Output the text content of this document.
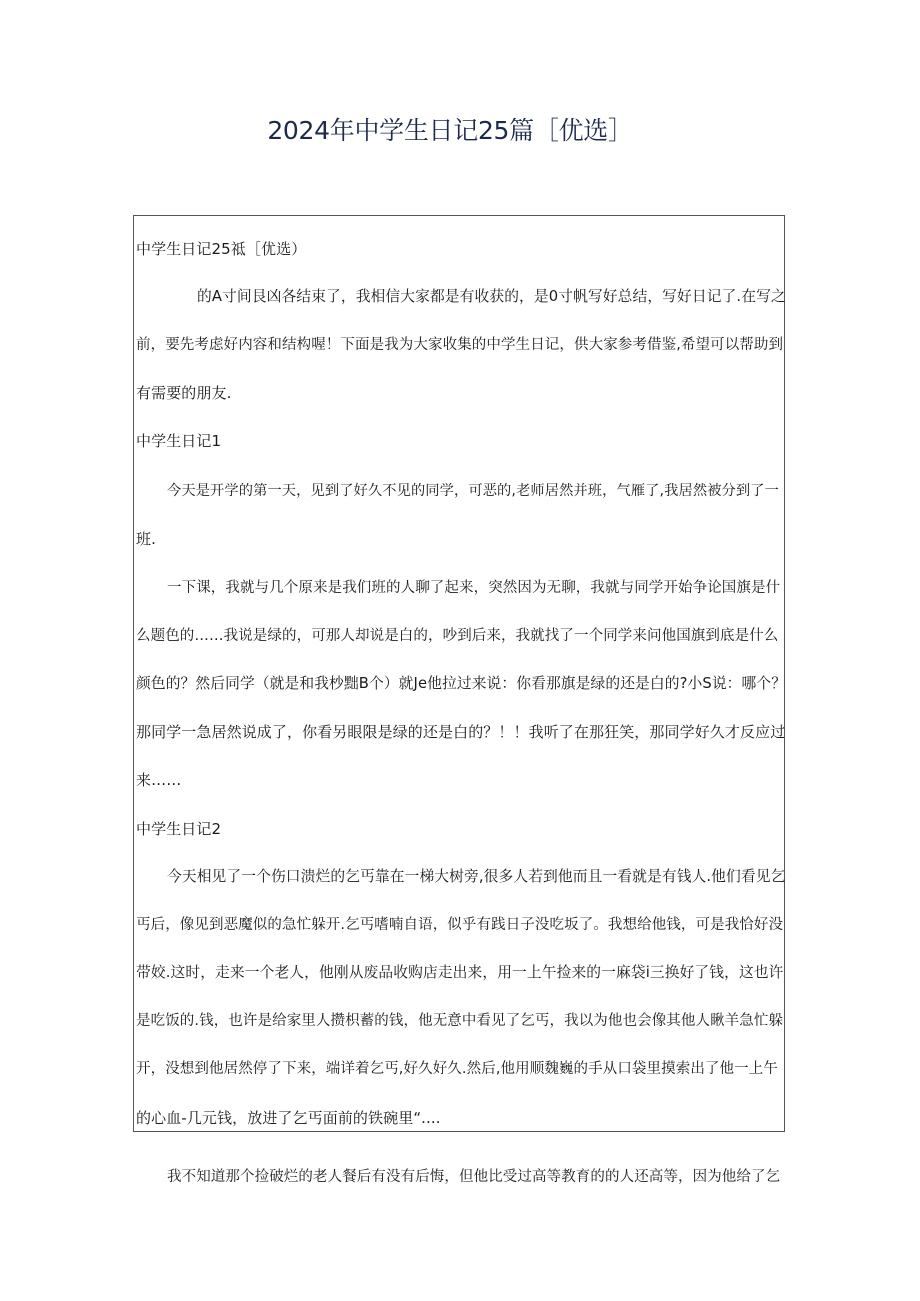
2024年中学生日记25篇［优选］
中学生日记25祗［优选）
的A寸间艮凶各结束了，我相信大家都是有收获的，是0寸帆写好总结，写好日记了.在写之
前，要先考虑好内容和结构喔！下面是我为大家收集的中学生日记，供大家参考借鉴,希望可以帮助到
有需要的朋友.
中学生日记1
今天是开学的第一天，见到了好久不见的同学，可恶的,老师居然并班，气雁了,我居然被分到了一
班.
一下课，我就与几个原来是我们班的人聊了起来，突然因为无聊，我就与同学开始争论国旗是什
么题色的……我说是绿的，可那人却说是白的，吵到后来，我就找了一个同学来问他国旗到底是什么
颜色的？然后同学（就是和我杪黜B个）就Je他拉过来说：你看那旗是绿的还是白的?小S说：哪个？
那同学一急居然说成了，你看另眼限是绿的还是白的？！！我听了在那狂笑，那同学好久才反应过
来……
中学生日记2
今天相见了一个伤口溃烂的乞丐靠在一梯大树旁,很多人若到他而且一看就是有钱人.他们看见乞
丐后，像见到恶魔似的急忙躲开.乞丐嗜喃自语，似乎有践日子没吃坂了。我想给他钱，可是我恰好没
带姣.这时，走来一个老人，他刚从废品收购店走出来，用一上午捡来的一麻袋i三换好了钱，这也许
是吃饭的.钱，也许是给家里人攒枳蓄的钱，他无意中看见了乞丐，我以为他也会像其他人瞅羊急忙躲
开，没想到他居然停了下来，端详着乞丐,好久好久.然后,他用顺魏巍的手从口袋里摸索出了他一上午
的心血-几元钱，放进了乞丐面前的铁碗里“....
我不知道那个捡破烂的老人餐后有没有后悔，但他比受过高等教育的的人还高等，因为他给了乞
